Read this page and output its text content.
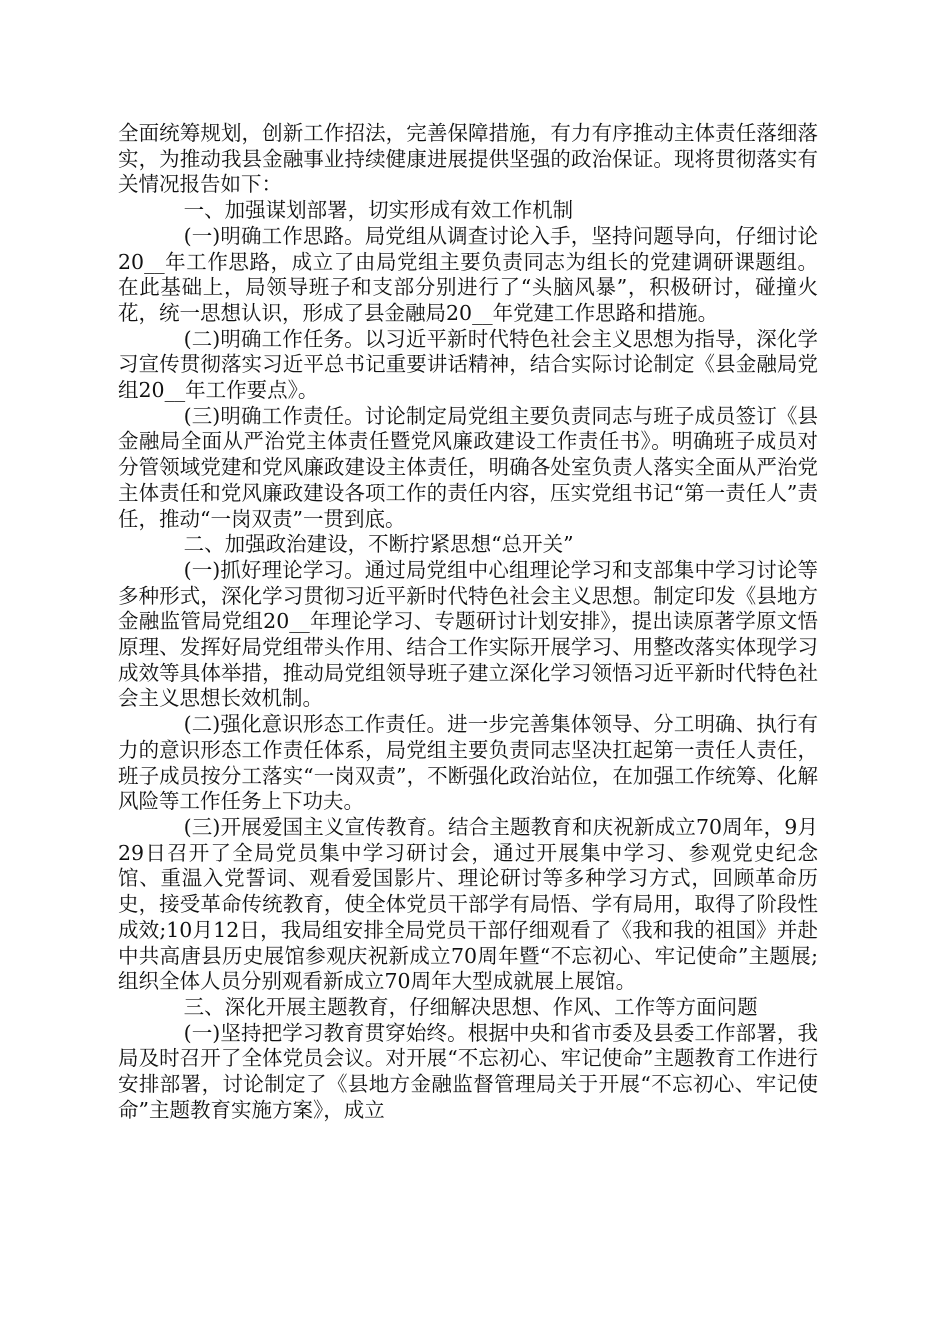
全面统筹规划，创新工作招法，完善保障措施，有力有序推动主体责任落细落实，为推动我县金融事业持续健康进展提供坚强的政治保证。现将贯彻落实有关情况报告如下：

一、加强谋划部署，切实形成有效工作机制

(一)明确工作思路。局党组从调查讨论入手，坚持问题导向，仔细讨论20__年工作思路，成立了由局党组主要负责同志为组长的党建调研课题组。在此基础上，局领导班子和支部分别进行了“头脑风暴”，积极研讨，碰撞火花，统一思想认识，形成了县金融局20__年党建工作思路和措施。

(二)明确工作任务。以习近平新时代特色社会主义思想为指导，深化学习宣传贯彻落实习近平总书记重要讲话精神，结合实际讨论制定《县金融局党组20__年工作要点》。

(三)明确工作责任。讨论制定局党组主要负责同志与班子成员签订《县金融局全面从严治党主体责任暨党风廉政建设工作责任书》。明确班子成员对分管领域党建和党风廉政建设主体责任，明确各处室负责人落实全面从严治党主体责任和党风廉政建设各项工作的责任内容，压实党组书记“第一责任人”责任，推动“一岗双责”一贯到底。

二、加强政治建设，不断拧紧思想“总开关”

(一)抓好理论学习。通过局党组中心组理论学习和支部集中学习讨论等多种形式，深化学习贯彻习近平新时代特色社会主义思想。制定印发《县地方金融监管局党组20__年理论学习、专题研讨计划安排》，提出读原著学原文悟原理、发挥好局党组带头作用、结合工作实际开展学习、用整改落实体现学习成效等具体举措，推动局党组领导班子建立深化学习领悟习近平新时代特色社会主义思想长效机制。

(二)强化意识形态工作责任。进一步完善集体领导、分工明确、执行有力的意识形态工作责任体系，局党组主要负责同志坚决扛起第一责任人责任，班子成员按分工落实“一岗双责”，不断强化政治站位，在加强工作统筹、化解风险等工作任务上下功夫。

(三)开展爱国主义宣传教育。结合主题教育和庆祝新成立70周年，9月29日召开了全局党员集中学习研讨会，通过开展集中学习、参观党史纪念馆、重温入党誓词、观看爱国影片、理论研讨等多种学习方式，回顾革命历史，接受革命传统教育，使全体党员干部学有局悟、学有局用，取得了阶段性成效;10月12日，我局组安排全局党员干部仔细观看了《我和我的祖国》并赴中共高唐县历史展馆参观庆祝新成立70周年暨“不忘初心、牢记使命”主题展;组织全体人员分别观看新成立70周年大型成就展上展馆。

三、深化开展主题教育，仔细解决思想、作风、工作等方面问题

(一)坚持把学习教育贯穿始终。根据中央和省市委及县委工作部署，我局及时召开了全体党员会议。对开展“不忘初心、牢记使命”主题教育工作进行安排部署，讨论制定了《县地方金融监督管理局关于开展“不忘初心、牢记使命”主题教育实施方案》，成立
